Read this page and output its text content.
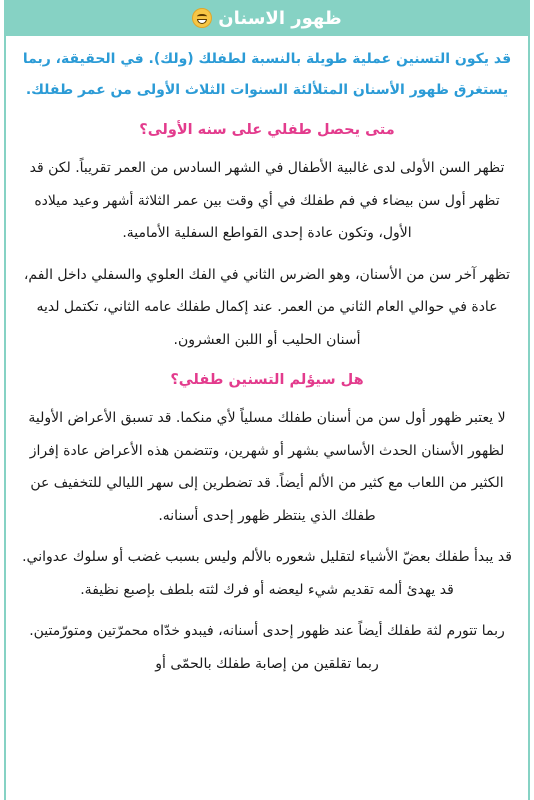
ظهور الاسنان

قد يكون التسنين عملية طويلة بالنسبة لطفلك (ولك). في الحقيقة، ربما يستغرق ظهور الأسنان المتلألئة السنوات الثلاث الأولى من عمر طفلك.

متى يحصل طفلي على سنه الأولى؟

تظهر السن الأولى لدى غالبية الأطفال في الشهر السادس من العمر تقريباً. لكن قد تظهر أول سن بيضاء في فم طفلك في أي وقت بين عمر الثلاثة أشهر وعيد ميلاده الأول، وتكون عادة إحدى القواطع السفلية الأمامية.

تظهر آخر سن من الأسنان، وهو الضرس الثاني في الفك العلوي والسفلي داخل الفم، عادة في حوالي العام الثاني من العمر. عند إكمال طفلك عامه الثاني، تكتمل لديه أسنان الحليب أو اللبن العشرون.

هل سيؤلم التسنين طفلي؟

لا يعتبر ظهور أول سن من أسنان طفلك مسلياً لأي منكما. قد تسبق الأعراض الأولية لظهور الأسنان الحدث الأساسي بشهر أو شهرين، وتتضمن هذه الأعراض عادة إفراز الكثير من اللعاب مع كثير من الألم أيضاً. قد تضطرين إلى سهر الليالي للتخفيف عن طفلك الذي ينتظر ظهور إحدى أسنانه.

قد يبدأ طفلك بعضّ الأشياء لتقليل شعوره بالألم وليس بسبب غضب أو سلوك عدواني. قد يهدئ ألمه تقديم شيء ليعضه أو فرك لثته بلطف بإصبع نظيفة.

ربما تتورم لثة طفلك أيضاً عند ظهور إحدى أسنانه، فيبدو خدّاه محمرّتين ومتورّمتين. ربما تقلقين من إصابة طفلك بالحمّى أو
